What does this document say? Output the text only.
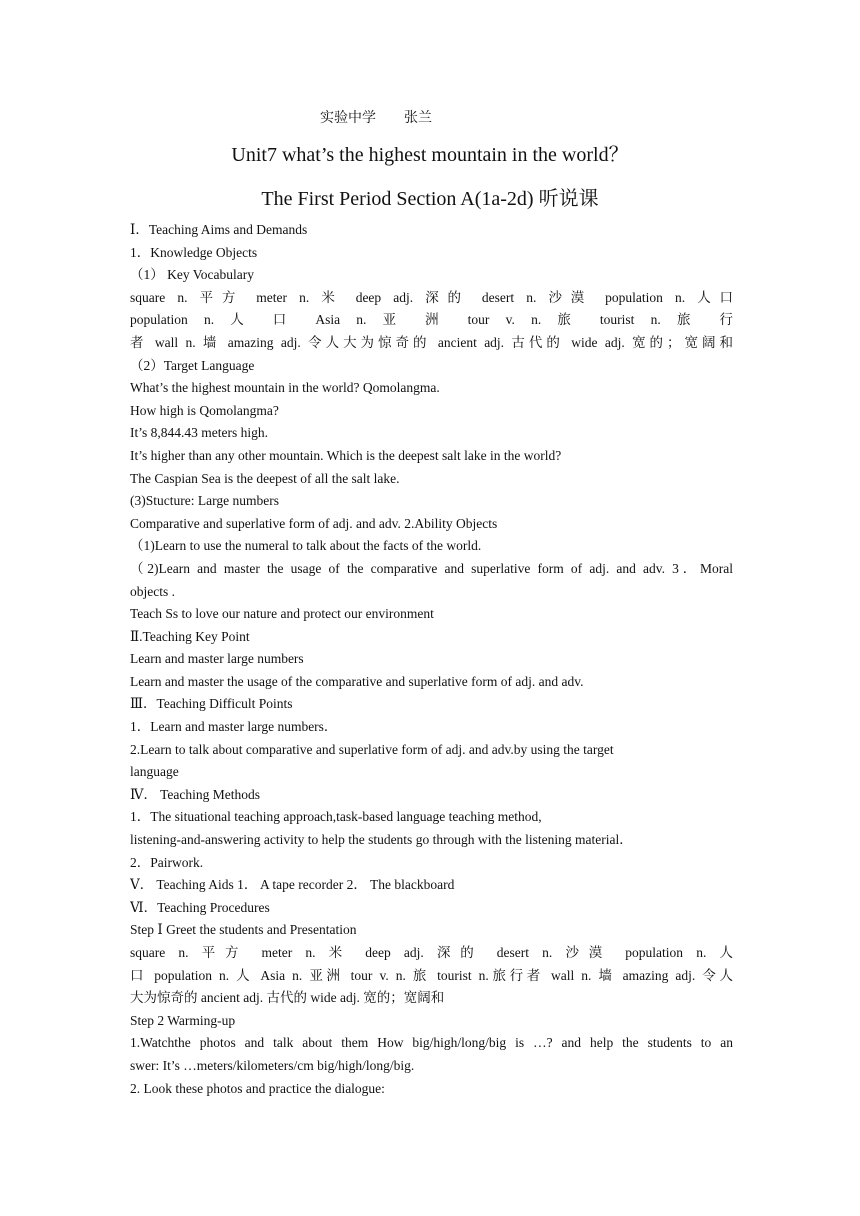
实验中学　　张兰
Unit7 what’s the highest mountain in the world？
The First Period Section A(1a-2d) 听说课
Ⅰ．Teaching Aims and Demands
1．Knowledge Objects
（1） Key Vocabulary
square n. 平方 meter n. 米 deep adj. 深的 desert n. 沙漠 population n. 人口
population n. 人 口 Asia n. 亚 洲 tour v. n. 旅 tourist n. 旅 行
者 wall n. 墙 amazing adj. 令人大为惊奇的 ancient adj. 古代的 wide adj. 宽的；宽阔和
（2）Target Language
What’s the highest mountain in the world? Qomolangma.
How high is Qomolangma?
It’s 8,844.43 meters high.
It’s higher than any other mountain. Which is the deepest salt lake in the world?
The Caspian Sea is the deepest of all the salt lake.
(3)Stucture: Large numbers
Comparative and superlative form of adj. and adv. 2.Ability Objects
（1)Learn to use the numeral to talk about the facts of the world.
（2)Learn and master the usage of the comparative and superlative form of adj. and adv. 3．Moral
objects .
Teach Ss to love our nature and protect our environment
Ⅱ.Teaching Key Point
Learn and master large numbers
Learn and master the usage of the comparative and superlative form of adj. and adv.
Ⅲ．Teaching Difficult Points
1．Learn and master large numbers．
2.Learn to talk about comparative and superlative form of adj. and adv.by using the target
language
Ⅳ． Teaching Methods
1．The situational teaching approach,task-based language teaching method,
listening-and-answering activity to help the students go through with the listening material．
2．Pairwork.
Ⅴ． Teaching Aids 1． A tape recorder 2． The blackboard
Ⅵ．Teaching Procedures
Step Ⅰ Greet the students and Presentation
square n. 平方 meter n. 米 deep adj. 深的 desert n. 沙漠 population n. 人
口 population n. 人 Asia n. 亚洲 tour v. n. 旅 tourist n.旅行者 wall n. 墙 amazing adj. 令人
大为惊奇的 ancient adj. 古代的 wide adj. 宽的；宽阔和
Step 2 Warming-up
1.Watchthe photos and talk about them How big/high/long/big is …? and help the students to an
swer: It’s …meters/kilometers/cm big/high/long/big.
2. Look these photos and practice the dialogue:
